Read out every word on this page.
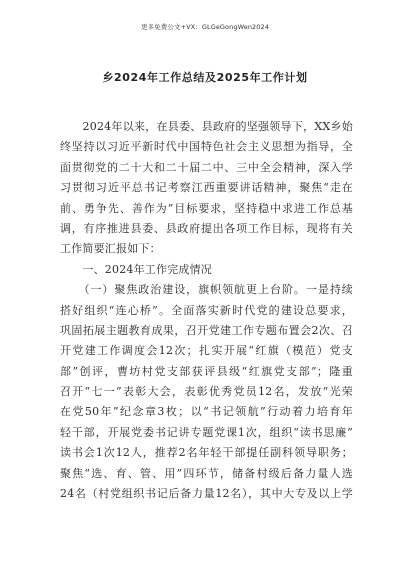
更多免费公文+VX：GLGeGongWen2024
乡2024年工作总结及2025年工作计划
　　2024年以来，在县委、县政府的坚强领导下，XX乡始
终坚持以习近平新时代中国特色社会主义思想为指导，全
面贯彻党的二十大和二十届二中、三中全会精神，深入学
习贯彻习近平总书记考察江西重要讲话精神，聚焦“走在
前、勇争先、善作为”目标要求，坚持稳中求进工作总基
调，有序推进县委、县政府提出各项工作目标，现将有关
工作简要汇报如下：
　　一、2024年工作完成情况
　　（一）聚焦政治建设，旗帜领航更上台阶。一是持续
搭好组织“连心桥”。全面落实新时代党的建设总要求，
巩固拓展主题教育成果，召开党建工作专题布置会2次、召
开党建工作调度会12次；扎实开展“红旗（模范）党支
部”创评，曹坊村党支部获评县级“红旗党支部”；隆重
召开“七一”表彰大会，表彰优秀党员12名，发放“光荣
在党50年”纪念章3枚；以“书记领航”行动着力培育年
轻干部，开展党委书记讲专题党课1次，组织“读书思廉”
读书会1次12人，推荐2名年轻干部提任副科领导职务；
聚焦“选、育、管、用”四环节，储备村级后备力量人选
24名（村党组织书记后备力量12名），其中大专及以上学
